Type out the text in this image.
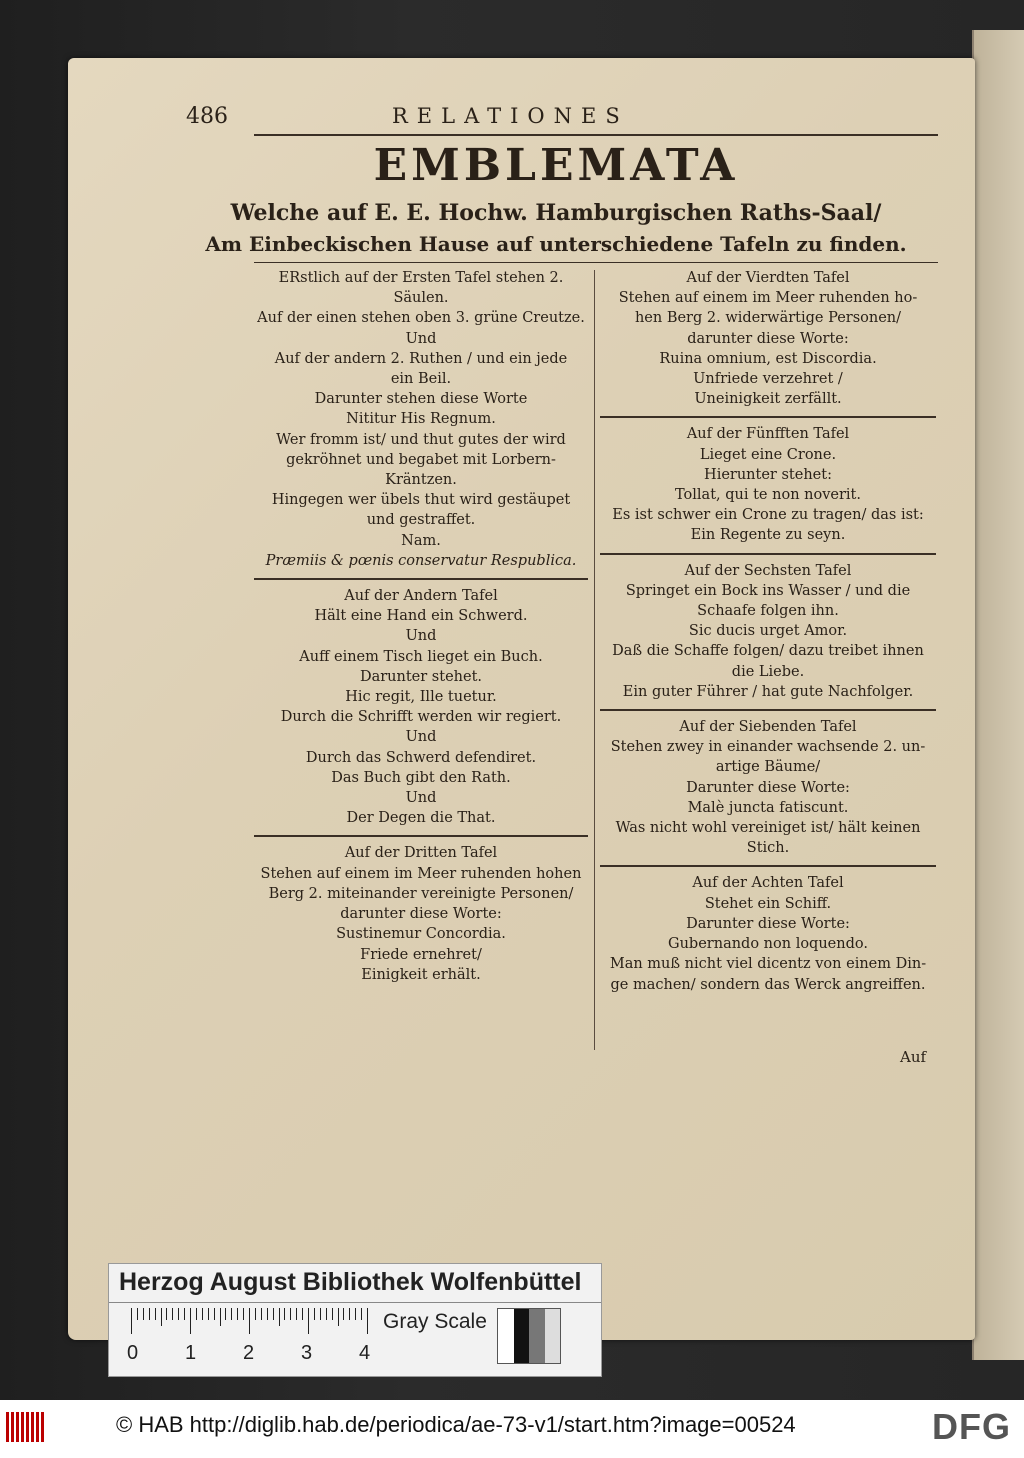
486	RELATIONES
EMBLEMATA
Welche auf E. E. Hochw. Hamburgischen Raths-Saal/
Am Einbeckischen Hause auf unterschiedene Tafeln zu finden.
ERstlich auf der Ersten Tafel stehen 2.
Säulen.
Auf der einen stehen oben 3. grüne Creutze.
Und
Auf der andern 2. Ruthen / und ein jede
ein Beil.
Darunter stehen diese Worte
Nititur His Regnum.
Wer fromm ist/ und thut gutes der wird
gekröhnet und begabet mit Lorbern-
Kräntzen.
Hingegen wer übels thut wird gestäupet
und gestraffet.
Nam.
Præmiis & pœnis conservatur Respublica.
Auf der Andern Tafel
Hält eine Hand ein Schwerd.
Und
Auff einem Tisch lieget ein Buch.
Darunter stehet.
Hic regit, Ille tuetur.
Durch die Schrifft werden wir regiert.
Und
Durch das Schwerd defendiret.
Das Buch gibt den Rath.
Und
Der Degen die That.
Auf der Dritten Tafel
Stehen auf einem im Meer ruhenden hohen
Berg 2. miteinander vereinigte Personen/
darunter diese Worte:
Sustinemur Concordia.
Friede ernehret/
Einigkeit erhält.
Auf der Vierdten Tafel
Stehen auf einem im Meer ruhenden ho-
hen Berg 2. widerwärtige Personen/
darunter diese Worte:
Ruina omnium, est Discordia.
Unfriede verzehret /
Uneinigkeit zerfällt.
Auf der Fünfften Tafel
Lieget eine Crone.
Hierunter stehet:
Tollat, qui te non noverit.
Es ist schwer ein Crone zu tragen/ das ist:
Ein Regente zu seyn.
Auf der Sechsten Tafel
Springet ein Bock ins Wasser / und die
Schaafe folgen ihn.
Sic ducis urget Amor.
Daß die Schaffe folgen/ dazu treibet ihnen
die Liebe.
Ein guter Führer / hat gute Nachfolger.
Auf der Siebenden Tafel
Stehen zwey in einander wachsende 2. un-
artige Bäume/
Darunter diese Worte:
Malè juncta fatiscunt.
Was nicht wohl vereiniget ist/ hält keinen
Stich.
Auf der Achten Tafel
Stehet ein Schiff.
Darunter diese Worte:
Gubernando non loquendo.
Man muß nicht viel dicentz von einem Din-
ge machen/ sondern das Werck angreiffen.
Auf
Herzog August Bibliothek Wolfenbüttel
0 1 2 3 4
Gray Scale
© HAB http://diglib.hab.de/periodica/ae-73-v1/start.htm?image=00524	DFG
